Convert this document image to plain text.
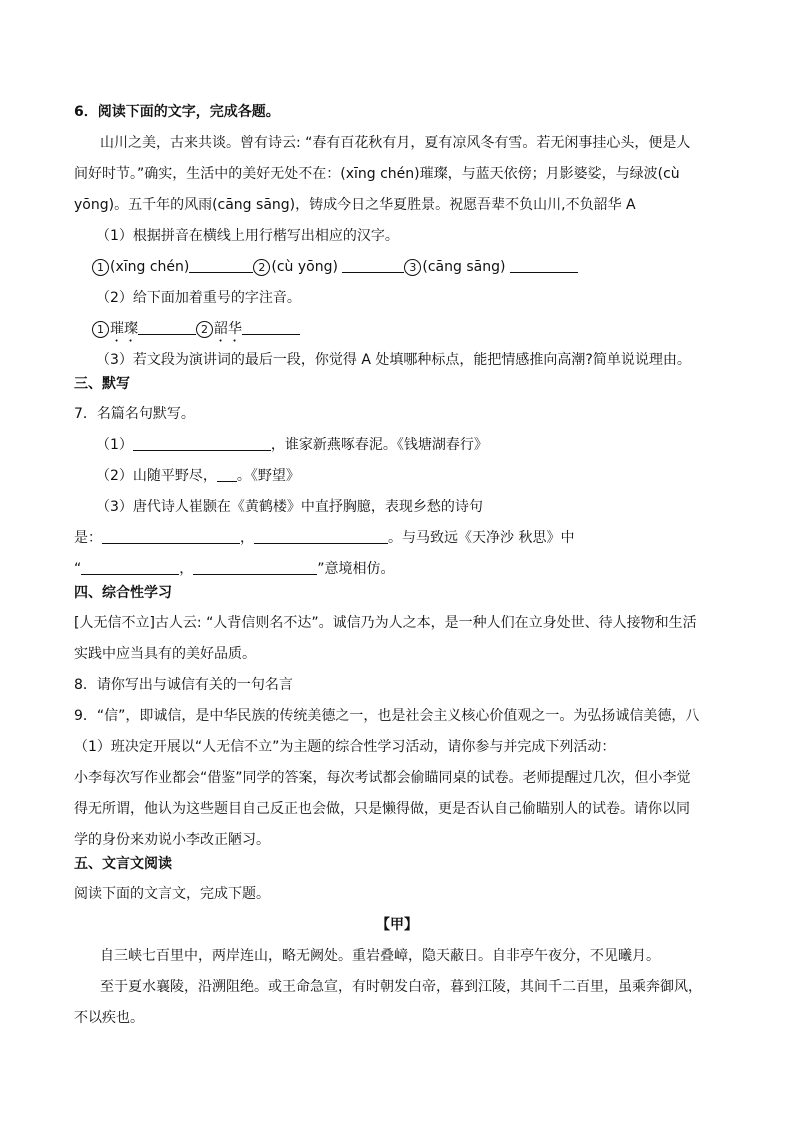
6．阅读下面的文字，完成各题。
山川之美，古来共谈。曾有诗云: “春有百花秋有月，夏有凉风冬有雪。若无闲事挂心头，便是人
间好时节。”确实，生活中的美好无处不在：(xīng chén)璀璨，与蓝天依傍；月影婆娑，与绿波(cù
yōng)。五千年的风雨(cāng sāng)，铸成今日之华夏胜景。祝愿吾辈不负山川,不负韶华 A
（1）根据拼音在横线上用行楷写出相应的汉字。
1 (xīng chén)	2 (cù yōng)	3 (cāng sāng)
（2）给下面加着重号的字注音。
1 璀璨	2 韶华
（3）若文段为演讲词的最后一段，你觉得 A 处填哪种标点，能把情感推向高潮?简单说说理由。
三、默写
7．名篇名句默写。
（1）	，谁家新燕啄春泥。《钱塘湖春行》
（2）山随平野尽， 。《野望》
（3）唐代诗人崔颢在《黄鹤楼》中直抒胸臆，表现乡愁的诗句
是：	，	。与马致远《天净沙 秋思》中
“	，	”意境相仿。
四、综合性学习
[人无信不立]古人云: “人背信则名不达”。诚信乃为人之本，是一种人们在立身处世、待人接物和生活
实践中应当具有的美好品质。
8．请你写出与诚信有关的一句名言
9．“信”，即诚信，是中华民族的传统美德之一，也是社会主义核心价值观之一。为弘扬诚信美德，八
（1）班决定开展以“人无信不立”为主题的综合性学习活动，请你参与并完成下列活动：
小李每次写作业都会“借鉴”同学的答案，每次考试都会偷瞄同桌的试卷。老师提醒过几次，但小李觉
得无所谓，他认为这些题目自己反正也会做，只是懒得做，更是否认自己偷瞄别人的试卷。请你以同
学的身份来劝说小李改正陋习。
五、文言文阅读
阅读下面的文言文，完成下题。
【甲】
自三峡七百里中，两岸连山，略无阙处。重岩叠嶂，隐天蔽日。自非亭午夜分，不见曦月。
至于夏水襄陵，沿溯阻绝。或王命急宣，有时朝发白帝，暮到江陵，其间千二百里，虽乘奔御风，
不以疾也。
